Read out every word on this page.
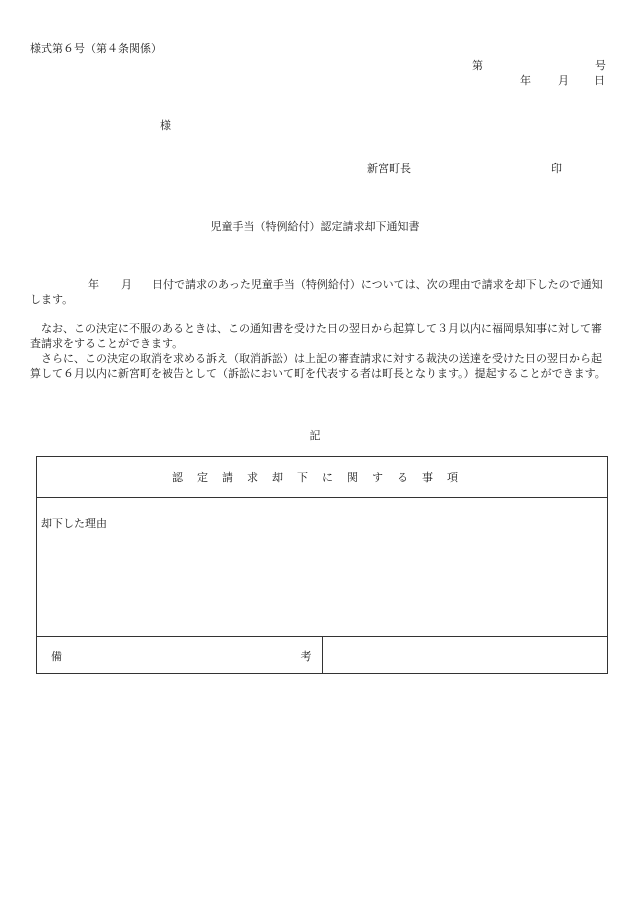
様式第６号（第４条関係）
第	号
年 月 日
様
新宮町長	印
児童手当（特例給付）認定請求却下通知書

年 月 日付で請求のあった児童手当（特例給付）については、次の理由で請求を却下したので通知します。

なお、この決定に不服のあるときは、この通知書を受けた日の翌日から起算して３月以内に福岡県知事に対して審査請求をすることができます。

さらに、この決定の取消を求める訴え（取消訴訟）は上記の審査請求に対する裁決の送達を受けた日の翌日から起算して６月以内に新宮町を被告として（訴訟において町を代表する者は町長となります。）提起することができます。

記
認定請求却下に関する事項

却下した理由

備	考
